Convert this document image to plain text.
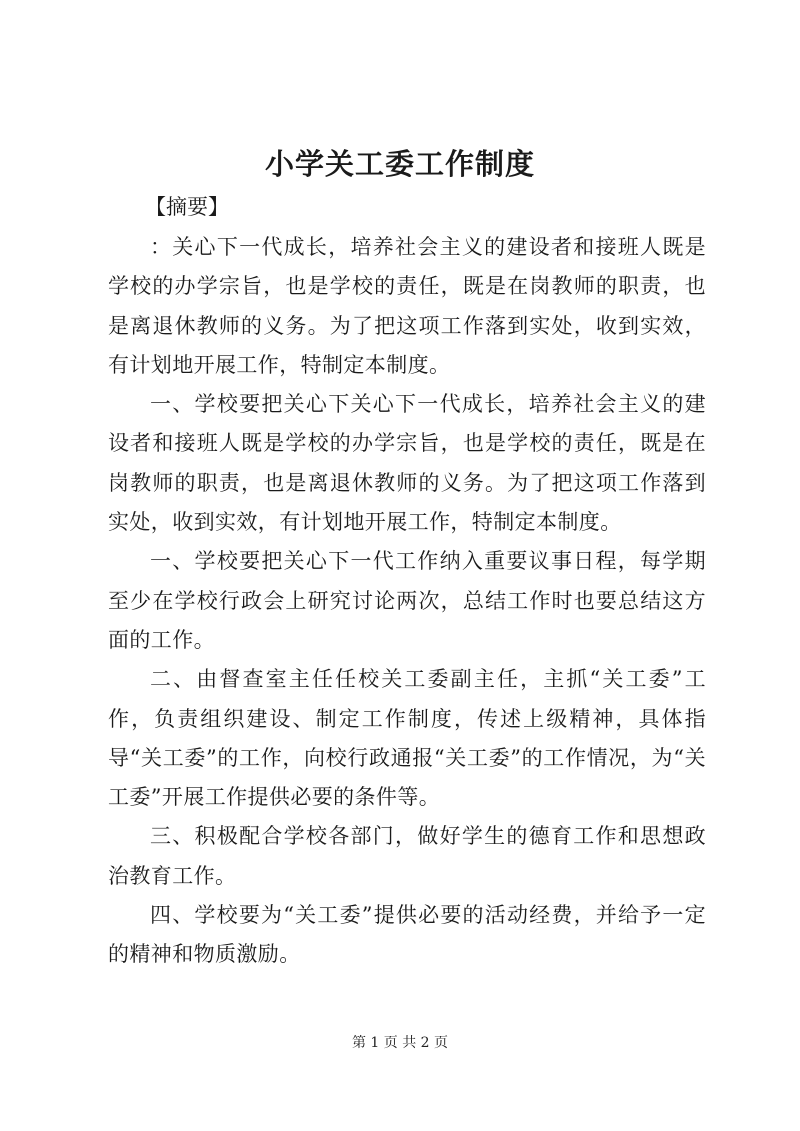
小学关工委工作制度
【摘要】

：关心下一代成长，培养社会主义的建设者和接班人既是学校的办学宗旨，也是学校的责任，既是在岗教师的职责，也是离退休教师的义务。为了把这项工作落到实处，收到实效，有计划地开展工作，特制定本制度。

一、学校要把关心下关心下一代成长，培养社会主义的建设者和接班人既是学校的办学宗旨，也是学校的责任，既是在岗教师的职责，也是离退休教师的义务。为了把这项工作落到实处，收到实效，有计划地开展工作，特制定本制度。

一、学校要把关心下一代工作纳入重要议事日程，每学期至少在学校行政会上研究讨论两次，总结工作时也要总结这方面的工作。

二、由督查室主任任校关工委副主任，主抓“关工委”工作，负责组织建设、制定工作制度，传述上级精神，具体指导“关工委”的工作，向校行政通报“关工委”的工作情况，为“关工委”开展工作提供必要的条件等。

三、积极配合学校各部门，做好学生的德育工作和思想政治教育工作。

四、学校要为“关工委”提供必要的活动经费，并给予一定的精神和物质激励。

第 1 页 共 2 页
